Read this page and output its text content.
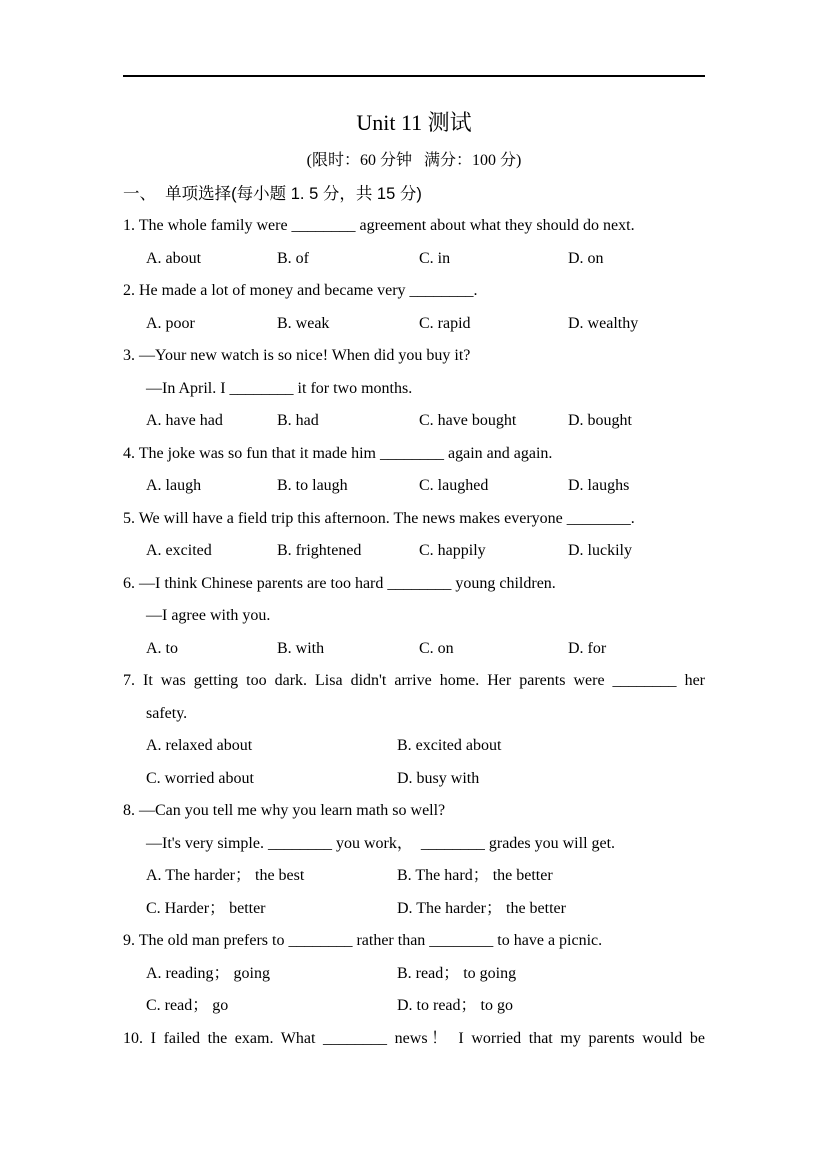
Unit 11 测试
(限时：60 分钟   满分：100 分)
一、  单项选择(每小题 1. 5 分，共 15 分)
1. The whole family were ________ agreement about what they should do next.
A. about	B. of	C. in	D. on
2. He made a lot of money and became very ________.
A. poor	B. weak	C. rapid	D. wealthy
3. —Your new watch is so nice! When did you buy it?
—In April. I ________ it for two months.
A. have had	B. had	C. have bought	D. bought
4. The joke was so fun that it made him ________ again and again.
A. laugh	B. to laugh	C. laughed	D. laughs
5. We will have a field trip this afternoon. The news makes everyone ________.
A. excited	B. frightened	C. happily	D. luckily
6. —I think Chinese parents are too hard ________ young children.
—I agree with you.
A. to	B. with	C. on	D. for
7. It was getting too dark. Lisa didn't arrive home. Her parents were ________ her
safety.
A. relaxed about	B. excited about
C. worried about	D. busy with
8. —Can you tell me why you learn math so well?
—It's very simple. ________ you work，  ________ grades you will get.
A. The harder； the best	B. The hard； the better
C. Harder； better	D. The harder； the better
9. The old man prefers to ________ rather than ________ to have a picnic.
A. reading； going	B. read； to going
C. read； go	D. to read； to go
10. I failed the exam. What ________ news！ I worried that my parents would be
